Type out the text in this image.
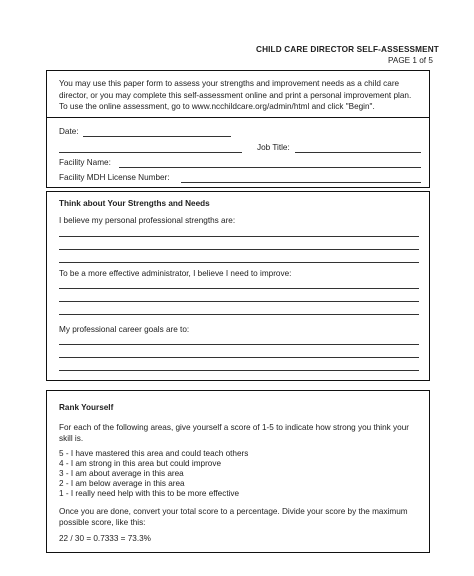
CHILD CARE DIRECTOR SELF-ASSESSMENT
PAGE 1 of 5

You may use this paper form to assess your strengths and improvement needs as a child care director, or you may complete this self-assessment online and print a personal improvement plan. To use the online assessment, go to www.ncchildcare.org/admin/html and click "Begin".

Date:
Job Title:
Facility Name:
Facility MDH License Number:
Think about Your Strengths and Needs

I believe my personal professional strengths are:

To be a more effective administrator, I believe I need to improve:

My professional career goals are to:

Rank Yourself

For each of the following areas, give yourself a score of 1-5 to indicate how strong you think your skill is.

5 - I have mastered this area and could teach others
4 - I am strong in this area but could improve
3 - I am about average in this area
2 - I am below average in this area
1 - I really need help with this to be more effective

Once you are done, convert your total score to a percentage. Divide your score by the maximum possible score, like this:

22 / 30 = 0.7333 = 73.3%
